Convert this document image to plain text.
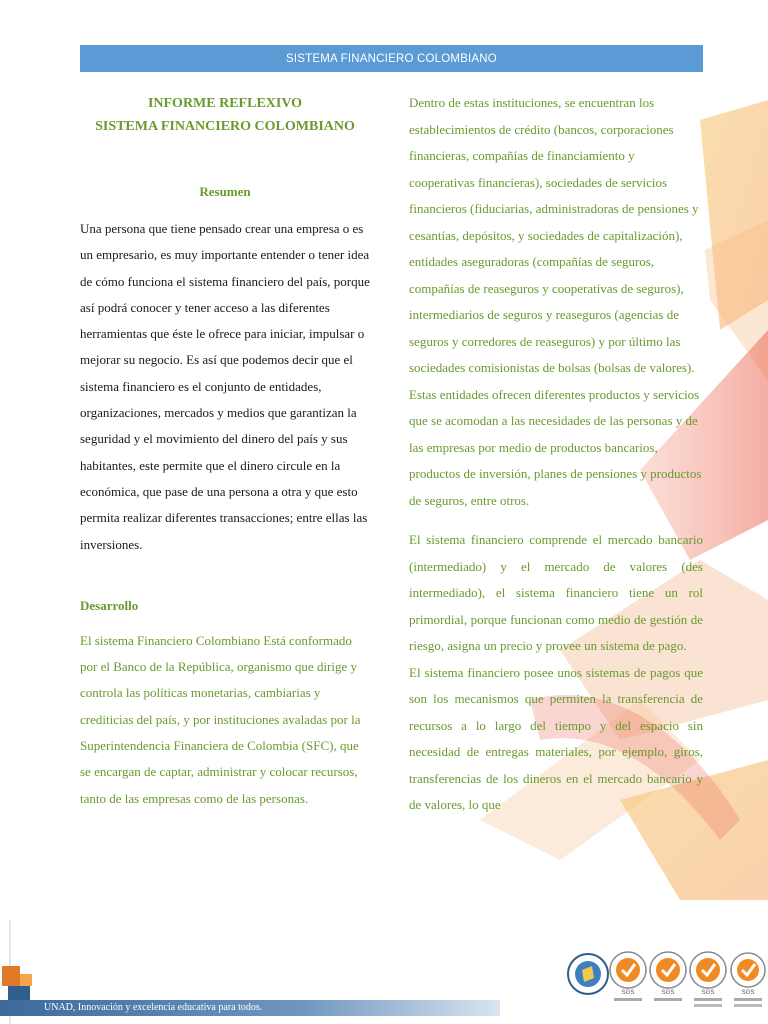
SISTEMA FINANCIERO COLOMBIANO

INFORME REFLEXIVO

SISTEMA FINANCIERO COLOMBIANO

Resumen

Una persona que tiene pensado crear una empresa o es un empresario, es muy importante entender o tener idea de cómo funciona el sistema financiero del país, porque así podrá conocer y tener acceso a las diferentes herramientas que éste le ofrece para iniciar, impulsar o mejorar su negocio. Es así que podemos decir que el sistema financiero es el conjunto de entidades, organizaciones, mercados y medios que garantizan la seguridad y el movimiento del dinero del país y sus habitantes, este permite que el dinero circule en la económica, que pase de una persona a otra y que esto permita realizar diferentes transacciones; entre ellas las inversiones.

Desarrollo

El sistema Financiero Colombiano Está conformado por el Banco de la República, organismo que dirige y controla las políticas monetarias, cambiarias y crediticias del país, y por instituciones avaladas por la Superintendencia Financiera de Colombia (SFC), que se encargan de captar, administrar y colocar recursos, tanto de las empresas como de las personas.

Dentro de estas instituciones, se encuentran los establecimientos de crédito (bancos, corporaciones financieras, compañías de financiamiento y cooperativas financieras), sociedades de servicios financieros (fiduciarias, administradoras de pensiones y cesantías, depósitos, y sociedades de capitalización), entidades aseguradoras (compañías de seguros, compañías de reaseguros y cooperativas de seguros), intermediarios de seguros y reaseguros (agencias de seguros y corredores de reaseguros) y por último las sociedades comisionistas de bolsas (bolsas de valores).

Estas entidades ofrecen diferentes productos y servicios que se acomodan a las necesidades de las personas y de las empresas por medio de productos bancarios, productos de inversión, planes de pensiones y productos de seguros, entre otros.

El sistema financiero comprende el mercado bancario (intermediado) y el mercado de valores (des intermediado), el sistema financiero tiene un rol primordial, porque funcionan como medio de gestión de riesgo, asigna un precio y provee un sistema de pago.

El sistema financiero posee unos sistemas de pagos que son los mecanismos que permiten la transferencia de recursos a lo largo del tiempo y del espacio sin necesidad de entregas materiales, por ejemplo, giros, transferencias de los dineros en el mercado bancario y de valores, lo que

UNAD, Innovación y excelencia educativa para todos.
SGS	SGS	SGS	SGS
